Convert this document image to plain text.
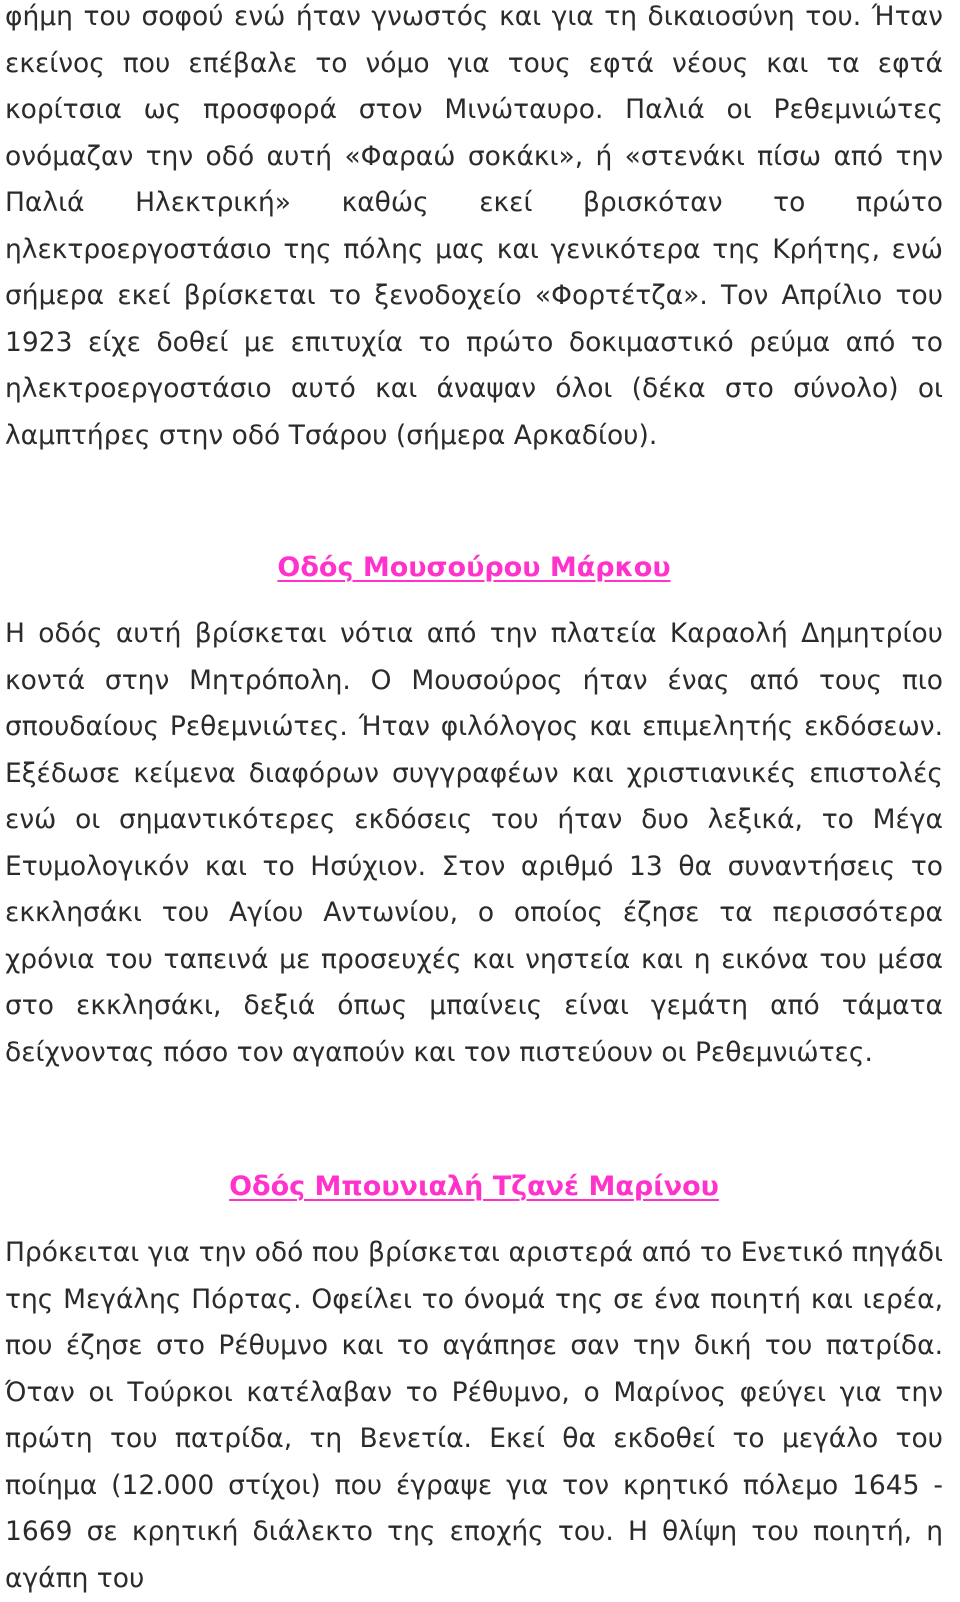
φήμη του σοφού ενώ ήταν γνωστός και για τη δικαιοσύνη του. Ήταν εκείνος που επέβαλε το νόμο για τους εφτά νέους και τα εφτά κορίτσια ως προσφορά στον Μινώταυρο. Παλιά οι Ρεθεμνιώτες ονόμαζαν την οδό αυτή «Φαραώ σοκάκι», ή «στενάκι πίσω από την Παλιά Ηλεκτρική» καθώς εκεί βρισκόταν το πρώτο ηλεκτροεργοστάσιο της πόλης μας και γενικότερα της Κρήτης, ενώ σήμερα εκεί βρίσκεται το ξενοδοχείο «Φορτέτζα». Τον Απρίλιο του 1923 είχε δοθεί με επιτυχία το πρώτο δοκιμαστικό ρεύμα από το ηλεκτροεργοστάσιο αυτό και άναψαν όλοι (δέκα στο σύνολο) οι λαμπτήρες στην οδό Τσάρου (σήμερα Αρκαδίου).

Οδός Μουσούρου Μάρκου

Η οδός αυτή βρίσκεται νότια από την πλατεία Καραολή Δημητρίου κοντά στην Μητρόπολη. Ο Μουσούρος ήταν ένας από τους πιο σπουδαίους Ρεθεμνιώτες. Ήταν φιλόλογος και επιμελητής εκδόσεων. Εξέδωσε κείμενα διαφόρων συγγραφέων και χριστιανικές επιστολές ενώ οι σημαντικότερες εκδόσεις του ήταν δυο λεξικά, το Μέγα Ετυμολογικόν και το Ησύχιον. Στον αριθμό 13 θα συναντήσεις το εκκλησάκι του Αγίου Αντωνίου, ο οποίος έζησε τα περισσότερα χρόνια του ταπεινά με προσευχές και νηστεία και η εικόνα του μέσα στο εκκλησάκι, δεξιά όπως μπαίνεις είναι γεμάτη από τάματα δείχνοντας πόσο τον αγαπούν και τον πιστεύουν οι Ρεθεμνιώτες.

Οδός Μπουνιαλή Τζανέ Μαρίνου

Πρόκειται για την οδό που βρίσκεται αριστερά από το Ενετικό πηγάδι της Μεγάλης Πόρτας. Οφείλει το όνομά της σε ένα ποιητή και ιερέα, που έζησε στο Ρέθυμνο και το αγάπησε σαν την δική του πατρίδα. Όταν οι Τούρκοι κατέλαβαν το Ρέθυμνο, ο Μαρίνος φεύγει για την πρώτη του πατρίδα, τη Βενετία. Εκεί θα εκδοθεί το μεγάλο του ποίημα (12.000 στίχοι) που έγραψε για τον κρητικό πόλεμο 1645 - 1669 σε κρητική διάλεκτο της εποχής του. Η θλίψη του ποιητή, η αγάπη του
